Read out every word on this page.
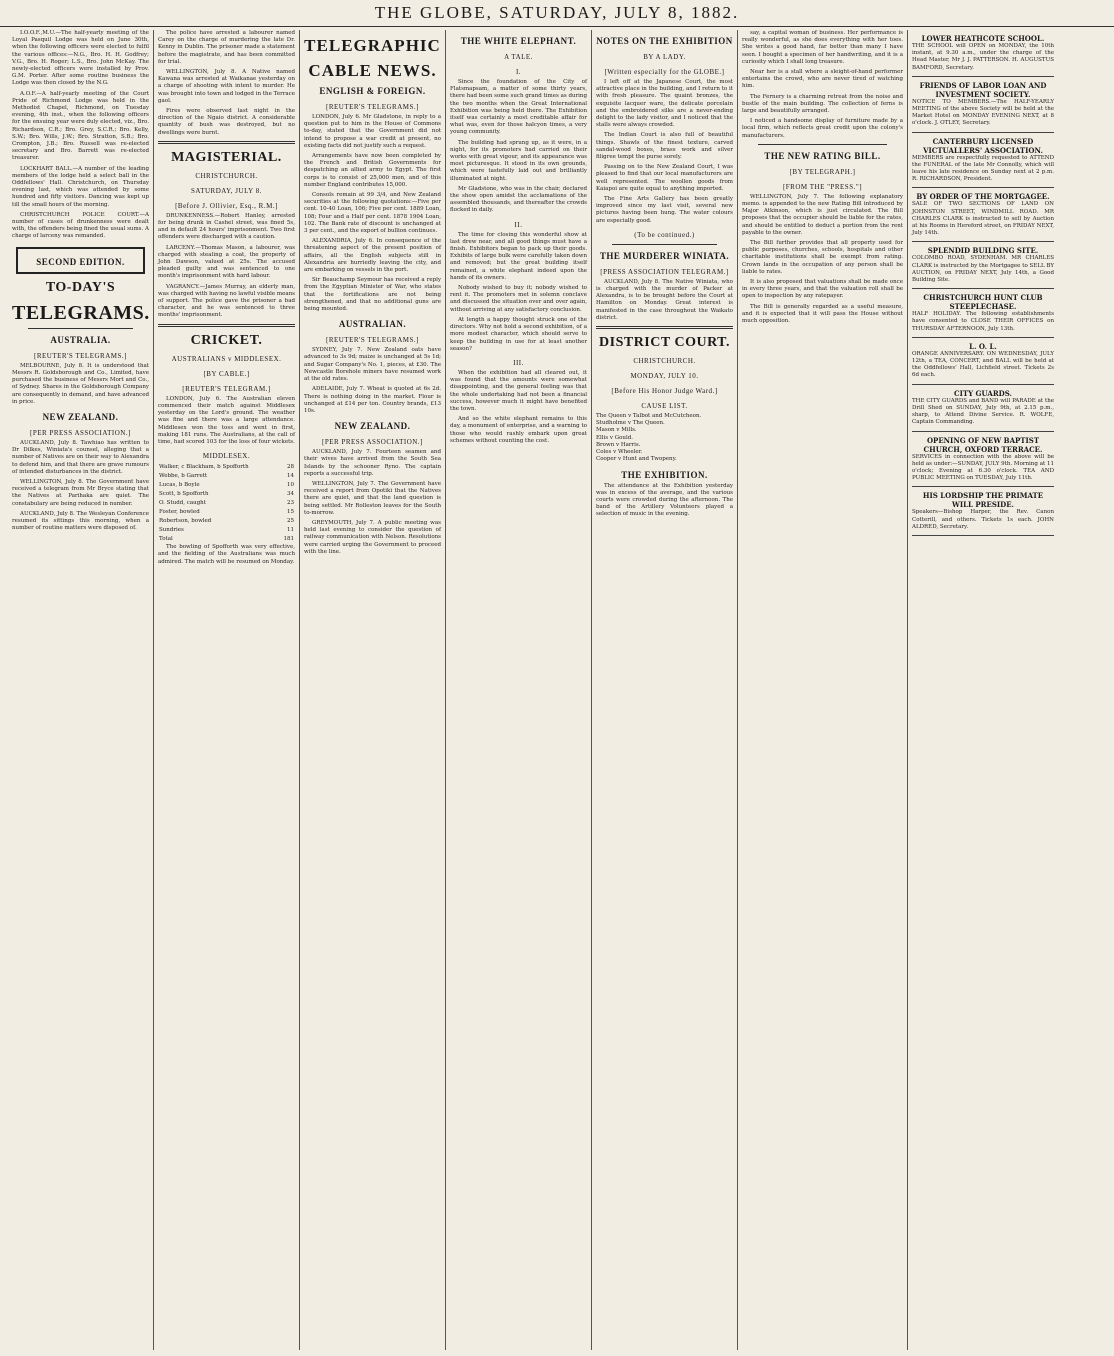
THE GLOBE, SATURDAY, JULY 8, 1882.

I.O.O.F.,M.U.—The half-yearly meeting of the Loyal Pasquil Lodge was held on June 30th, when the following officers were elected to fulfil the various offices:—N.G., Bro. H. H. Godfrey; V.G., Bro. H. Roger; L.S., Bro. John McKay. The newly-elected officers were installed by Prov. G.M. Porter. After some routine business the Lodge was then closed by the N.G.

A.O.F.—A half-yearly meeting of the Court Pride of Richmond Lodge was held in the Methodist Chapel, Richmond, on Tuesday evening, 4th inst., when the following officers for the ensuing year were duly elected, viz., Bro. Richardson, C.R.; Bro. Grey, S.C.R.; Bro. Kelly, S.W.; Bro. Wills, J.W.; Bro. Stratton, S.B.; Bro. Crompton, J.B.; Bro. Russell was re-elected secretary and Bro. Barrett was re-elected treasurer.

LOCKHART BALL.—A number of the leading members of the lodge held a select ball in the Oddfellows' Hall. Christchurch, on Thursday evening last, which was attended by some hundred and fifty visitors. Dancing was kept up till the small hours of the morning.

CHRISTCHURCH POLICE COURT.—A number of cases of drunkenness were dealt with, the offenders being fined the usual sums. A charge of larceny was remanded.

SECOND EDITION.
TO-DAY'S
TELEGRAMS.
AUSTRALIA.
[REUTER'S TELEGRAMS.]

MELBOURNE, July 8. It is understood that Messrs R. Goldsborough and Co., Limited, have purchased the business of Messrs Mort and Co., of Sydney. Shares in the Goldsborough Company are consequently in demand, and have advanced in price.

NEW ZEALAND.
[PER PRESS ASSOCIATION.]

AUCKLAND, July 8. Tawhiao has written to Dr Dilkes, Winiata's counsel, alleging that a number of Natives are on their way to Alexandra to defend him, and that there are grave rumours of intended disturbances in the district.

WELLINGTON, July 8. The Government have received a telegram from Mr Bryce stating that the Natives at Parihaka are quiet. The constabulary are being reduced in number.

AUCKLAND, July 8. The Wesleyan Conference resumed its sittings this morning, when a number of routine matters were disposed of.

The police have arrested a labourer named Carey on the charge of murdering the late Dr. Kenny in Dublin. The prisoner made a statement before the magistrate, and has been committed for trial.

WELLINGTON, July 8. A Native named Kawana was arrested at Waikanae yesterday on a charge of shooting with intent to murder. He was brought into town and lodged in the Terrace gaol.

Fires were observed last night in the direction of the Ngaio district. A considerable quantity of bush was destroyed, but no dwellings were burnt.

MAGISTERIAL.
CHRISTCHURCH.
SATURDAY, JULY 8.
[Before J. Ollivier, Esq., R.M.]

DRUNKENNESS.—Robert Hanley, arrested for being drunk in Cashel street, was fined 5s, and in default 24 hours' imprisonment. Two first offenders were discharged with a caution.

LARCENY.—Thomas Mason, a labourer, was charged with stealing a coat, the property of John Dawson, valued at 25s. The accused pleaded guilty and was sentenced to one month's imprisonment with hard labour.

VAGRANCY.—James Murray, an elderly man, was charged with having no lawful visible means of support. The police gave the prisoner a bad character, and he was sentenced to three months' imprisonment.

CRICKET.
AUSTRALIANS v MIDDLESEX.
[BY CABLE.]
[REUTER'S TELEGRAM.]

LONDON, July 6. The Australian eleven commenced their match against Middlesex yesterday on the Lord's ground. The weather was fine and there was a large attendance. Middlesex won the toss and went in first, making 181 runs. The Australians, at the call of time, had scored 103 for the loss of four wickets.

MIDDLESEX.
Walker, c Blackham, b Spofforth	28
Webbe, b Garrett	14
Lucas, b Boyle	10
Scott, b Spofforth	34
O. Studd, caught	23
Foster, bowled	15
Robertson, bowled	25
Sundries	11
Total	181

The bowling of Spofforth was very effective, and the fielding of the Australians was much admired. The match will be resumed on Monday.

TELEGRAPHIC
CABLE NEWS.
ENGLISH & FOREIGN.
[REUTER'S TELEGRAMS.]

LONDON, July 6. Mr Gladstone, in reply to a question put to him in the House of Commons to-day, stated that the Government did not intend to propose a war credit at present, no existing facts did not justify such a request.

Arrangements have now been completed by the French and British Governments for despatching an allied army to Egypt. The first corps is to consist of 25,000 men, and of this number England contributes 15,000.

Consols remain at 99 3/4, and New Zealand securities at the following quotations:—Five per cent. 10-40 Loan, 106; Five per cent. 1889 Loan, 108; Four and a Half per cent. 1878 1904 Loan, 102. The Bank rate of discount is unchanged at 3 per cent., and the export of bullion continues.

ALEXANDRIA, July 6. In consequence of the threatening aspect of the present position of affairs, all the English subjects still in Alexandria are hurriedly leaving the city, and are embarking on vessels in the port.

Sir Beauchamp Seymour has received a reply from the Egyptian Minister of War, who states that the fortifications are not being strengthened, and that no additional guns are being mounted.

AUSTRALIAN.
[REUTER'S TELEGRAMS.]

SYDNEY, July 7. New Zealand oats have advanced to 3s 9d; maize is unchanged at 5s 1d; and Sugar Company's No. 1, pieces, at £30. The Newcastle Borehole miners have resumed work at the old rates.

ADELAIDE, July 7. Wheat is quoted at 6s 2d. There is nothing doing in the market. Flour is unchanged at £14 per ton. Country brands, £13 10s.

NEW ZEALAND.
[PER PRESS ASSOCIATION.]

AUCKLAND, July 7. Fourteen seamen and their wives have arrived from the South Sea Islands by the schooner Ryno. The captain reports a successful trip.

WELLINGTON, July 7. The Government have received a report from Opotiki that the Natives there are quiet, and that the land question is being settled. Mr Rolleston leaves for the South to-morrow.

GREYMOUTH, July 7. A public meeting was held last evening to consider the question of railway communication with Nelson. Resolutions were carried urging the Government to proceed with the line.

THE WHITE ELEPHANT.
A TALE.
I.

Since the foundation of the City of Flatsmapsam, a matter of some thirty years, there had been some such grand times as during the two months when the Great International Exhibition was being held there. The Exhibition itself was certainly a most creditable affair for what was, even for those halcyon times, a very young community.

The building had sprung up, as it were, in a night, for its promoters had carried on their works with great vigour, and its appearance was most picturesque. It stood in its own grounds, which were tastefully laid out and brilliantly illuminated at night.

Mr Gladstone, who was in the chair, declared the show open amidst the acclamations of the assembled thousands, and thereafter the crowds flocked in daily.

II.

The time for closing this wonderful show at last drew near, and all good things must have a finish. Exhibitors began to pack up their goods. Exhibits of large bulk were carefully taken down and removed; but the great building itself remained, a white elephant indeed upon the hands of its owners.

Nobody wished to buy it; nobody wished to rent it. The promoters met in solemn conclave and discussed the situation over and over again, without arriving at any satisfactory conclusion.

At length a happy thought struck one of the directors. Why not hold a second exhibition, of a more modest character, which should serve to keep the building in use for at least another season?

III.

When the exhibition had all cleared out, it was found that the amounts were somewhat disappointing, and the general feeling was that the whole undertaking had not been a financial success, however much it might have benefited the town.

And so the white elephant remains to this day, a monument of enterprise, and a warning to those who would rashly embark upon great schemes without counting the cost.

NOTES ON THE EXHIBITION
BY A LADY.
[Written especially for the GLOBE.]

I left off at the Japanese Court, the most attractive place in the building, and I return to it with fresh pleasure. The quaint bronzes, the exquisite lacquer ware, the delicate porcelain and the embroidered silks are a never-ending delight to the lady visitor, and I noticed that the stalls were always crowded.

The Indian Court is also full of beautiful things. Shawls of the finest texture, carved sandal-wood boxes, brass work and silver filigree tempt the purse sorely.

Passing on to the New Zealand Court, I was pleased to find that our local manufacturers are well represented. The woollen goods from Kaiapoi are quite equal to anything imported.

The Fine Arts Gallery has been greatly improved since my last visit, several new pictures having been hung. The water colours are especially good.

(To be continued.)
THE MURDERER WINIATA.
[PRESS ASSOCIATION TELEGRAM.]

AUCKLAND, July 8. The Native Winiata, who is charged with the murder of Packer at Alexandra, is to be brought before the Court at Hamilton on Monday. Great interest is manifested in the case throughout the Waikato district.

DISTRICT COURT.
CHRISTCHURCH.
MONDAY, JULY 10.
[Before His Honor Judge Ward.]
CAUSE LIST.
The Queen v Talbot and McCutcheon.
Studholme v The Queen.
Mason v Mills.
Ellis v Gould.
Brown v Harris.
Coles v Wheeler.
Cooper v Hunt and Twopeny.
THE EXHIBITION.

The attendance at the Exhibition yesterday was in excess of the average, and the various courts were crowded during the afternoon. The band of the Artillery Volunteers played a selection of music in the evening.

say, a capital woman of business. Her performance is really wonderful, as she does everything with her toes. She writes a good hand, far better than many I have seen. I bought a specimen of her handwriting, and it is a curiosity which I shall long treasure.

Near her is a stall where a sleight-of-hand performer entertains the crowd, who are never tired of watching him.

The Fernery is a charming retreat from the noise and bustle of the main building. The collection of ferns is large and beautifully arranged.

I noticed a handsome display of furniture made by a local firm, which reflects great credit upon the colony's manufacturers.

THE NEW RATING BILL.
[BY TELEGRAPH.]
[FROM THE "PRESS."]

WELLINGTON, July 7. The following explanatory memo. is appended to the new Rating Bill introduced by Major Atkinson, which is just circulated. The Bill proposes that the occupier should be liable for the rates, and should be entitled to deduct a portion from the rent payable to the owner.

The Bill further provides that all property used for public purposes, churches, schools, hospitals and other charitable institutions shall be exempt from rating. Crown lands in the occupation of any person shall be liable to rates.

It is also proposed that valuations shall be made once in every three years, and that the valuation roll shall be open to inspection by any ratepayer.

The Bill is generally regarded as a useful measure, and it is expected that it will pass the House without much opposition.

LOWER HEATHCOTE SCHOOL.
THE SCHOOL will OPEN on MONDAY, the 10th instant, at 9.30 a.m., under the charge of the Head Master, Mr J. J. PATTERSON. H. AUGUSTUS BAMFORD, Secretary.
FRIENDS OF LABOR LOAN AND INVESTMENT SOCIETY.
NOTICE TO MEMBERS.—The HALF-YEARLY MEETING of the above Society will be held at the Market Hotel on MONDAY EVENING NEXT, at 8 o'clock. J. OTLEY, Secretary.
CANTERBURY LICENSED VICTUALLERS' ASSOCIATION.
MEMBERS are respectfully requested to ATTEND the FUNERAL of the late Mr Connolly, which will leave his late residence on Sunday next at 2 p.m. R. RICHARDSON, President.
BY ORDER OF THE MORTGAGEE.
SALE OF TWO SECTIONS OF LAND ON JOHNSTON STREET, WINDMILL ROAD. MR CHARLES CLARK is instructed to sell by Auction at his Rooms in Hereford street, on FRIDAY NEXT, July 14th.
SPLENDID BUILDING SITE.
COLOMBO ROAD, SYDENHAM. MR CHARLES CLARK is instructed by the Mortgagee to SELL BY AUCTION, on FRIDAY NEXT, July 14th, a Good Building Site.
CHRISTCHURCH HUNT CLUB STEEPLECHASE.
HALF HOLIDAY. The following establishments have consented to CLOSE THEIR OFFICES on THURSDAY AFTERNOON, July 13th.
L. O. L.
ORANGE ANNIVERSARY. ON WEDNESDAY, JULY 12th, a TEA, CONCERT, and BALL will be held at the Oddfellows' Hall, Lichfield street. Tickets 2s 6d each.
CITY GUARDS.
THE CITY GUARDS and BAND will PARADE at the Drill Shed on SUNDAY, July 9th, at 2.15 p.m., sharp, to Attend Divine Service. R. WOLFE, Captain Commanding.
OPENING OF NEW BAPTIST CHURCH, OXFORD TERRACE.
SERVICES in connection with the above will be held as under:—SUNDAY, JULY 9th. Morning at 11 o'clock; Evening at 6.30 o'clock. TEA AND PUBLIC MEETING on TUESDAY, July 11th.
HIS LORDSHIP THE PRIMATE WILL PRESIDE.
Speakers—Bishop Harper, the Rev. Canon Cotterill, and others. Tickets 1s each. JOHN ALDRED, Secretary.
